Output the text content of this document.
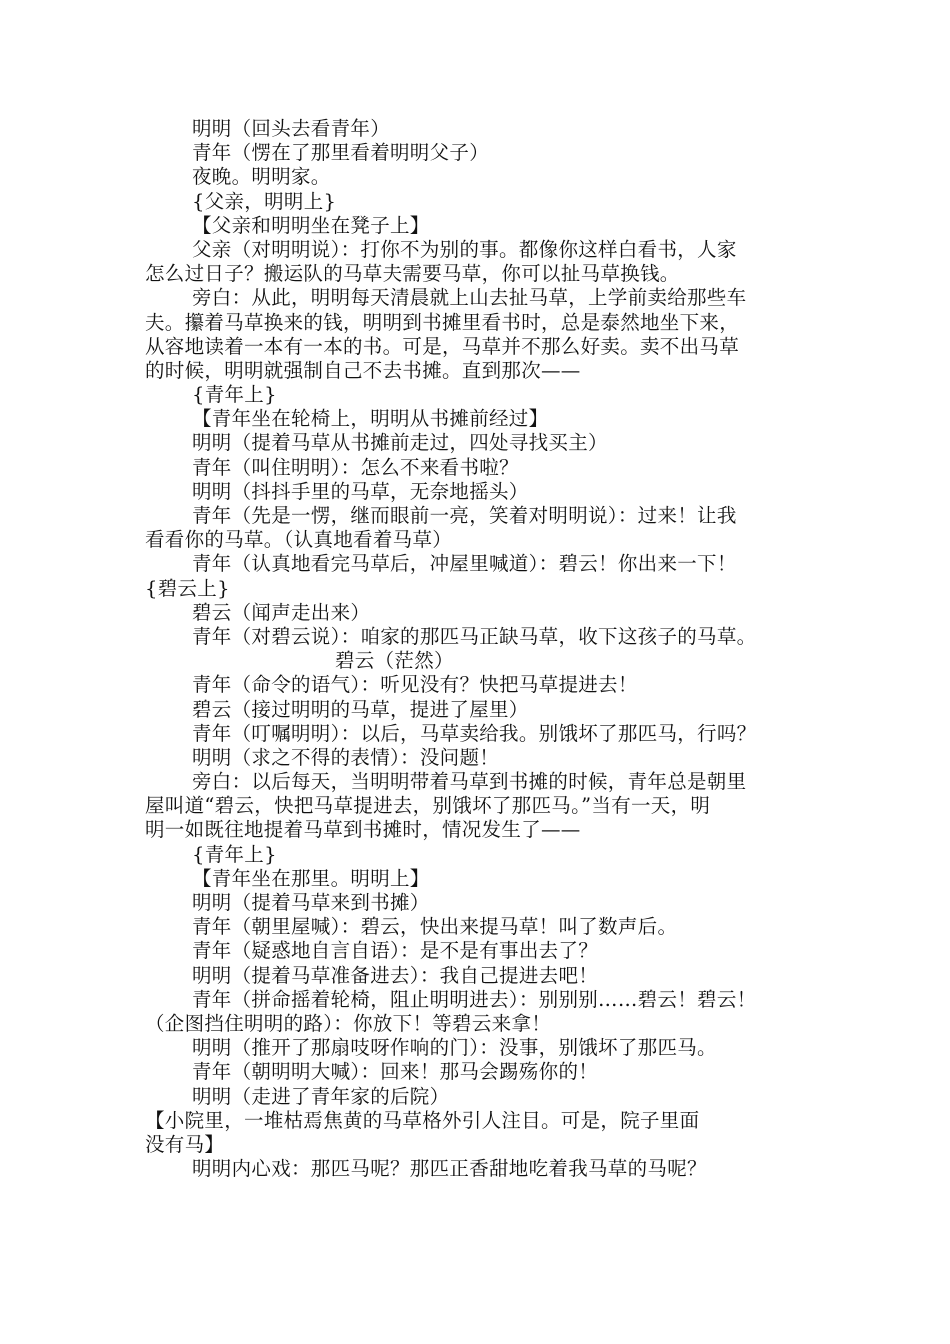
明明（回头去看青年）
青年（愣在了那里看着明明父子）
夜晚。明明家。
{父亲，明明上}
【父亲和明明坐在凳子上】
父亲（对明明说）：打你不为别的事。都像你这样白看书，人家
怎么过日子？搬运队的马草夫需要马草，你可以扯马草换钱。
旁白：从此，明明每天清晨就上山去扯马草，上学前卖给那些车
夫。攥着马草换来的钱，明明到书摊里看书时，总是泰然地坐下来，
从容地读着一本有一本的书。可是，马草并不那么好卖。卖不出马草
的时候，明明就强制自己不去书摊。直到那次——
{青年上}
【青年坐在轮椅上，明明从书摊前经过】
明明（提着马草从书摊前走过，四处寻找买主）
青年（叫住明明）：怎么不来看书啦？
明明（抖抖手里的马草，无奈地摇头）
青年（先是一愣，继而眼前一亮，笑着对明明说）：过来！让我
看看你的马草。（认真地看着马草）
青年（认真地看完马草后，冲屋里喊道）：碧云！你出来一下！
{碧云上}
碧云（闻声走出来）
青年（对碧云说）：咱家的那匹马正缺马草，收下这孩子的马草。
碧云（茫然）
青年（命令的语气）：听见没有？快把马草提进去！
碧云（接过明明的马草，提进了屋里）
青年（叮嘱明明）：以后，马草卖给我。别饿坏了那匹马，行吗？
明明（求之不得的表情）：没问题！
旁白：以后每天，当明明带着马草到书摊的时候，青年总是朝里
屋叫道“碧云，快把马草提进去，别饿坏了那匹马。”当有一天，明
明一如既往地提着马草到书摊时，情况发生了——
{青年上}
【青年坐在那里。明明上】
明明（提着马草来到书摊）
青年（朝里屋喊）：碧云，快出来提马草！叫了数声后。
青年（疑惑地自言自语）：是不是有事出去了？
明明（提着马草准备进去）：我自己提进去吧！
青年（拼命摇着轮椅，阻止明明进去）：别别别……碧云！碧云！
（企图挡住明明的路）：你放下！等碧云来拿！
明明（推开了那扇吱呀作响的门）：没事，别饿坏了那匹马。
青年（朝明明大喊）：回来！那马会踢殇你的！
明明（走进了青年家的后院）
【小院里，一堆枯焉焦黄的马草格外引人注目。可是，院子里面
没有马】
明明内心戏：那匹马呢？那匹正香甜地吃着我马草的马呢？
